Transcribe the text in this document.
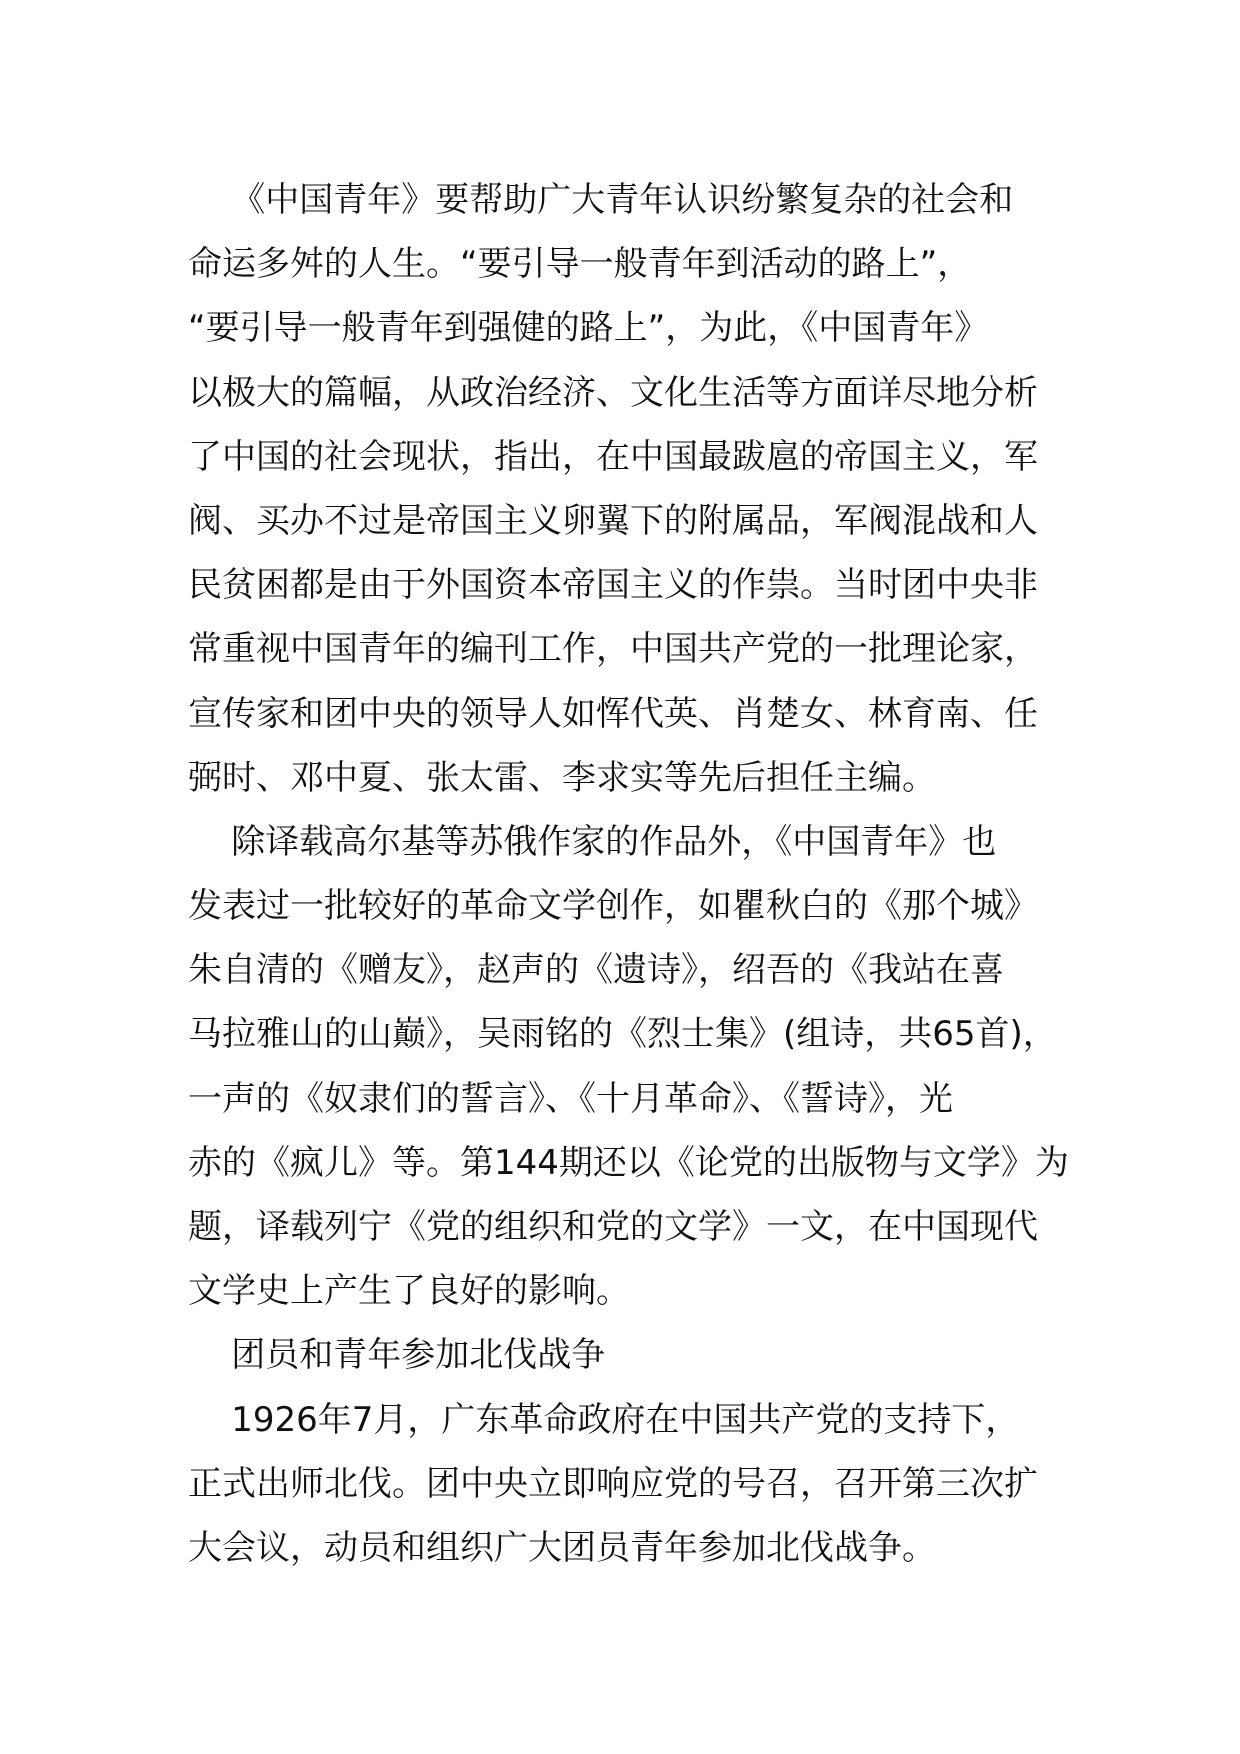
《中国青年》要帮助广大青年认识纷繁复杂的社会和
命运多舛的人生。“要引导一般青年到活动的路上”，
“要引导一般青年到强健的路上”，为此，《中国青年》
以极大的篇幅，从政治经济、文化生活等方面详尽地分析
了中国的社会现状，指出，在中国最跋扈的帝国主义，军
阀、买办不过是帝国主义卵翼下的附属品，军阀混战和人
民贫困都是由于外国资本帝国主义的作祟。当时团中央非
常重视中国青年的编刊工作，中国共产党的一批理论家，
宣传家和团中央的领导人如恽代英、肖楚女、林育南、任
弼时、邓中夏、张太雷、李求实等先后担任主编。
除译载高尔基等苏俄作家的作品外，《中国青年》也
发表过一批较好的革命文学创作，如瞿秋白的《那个城》
朱自清的《赠友》，赵声的《遗诗》，绍吾的《我站在喜
马拉雅山的山巅》，吴雨铭的《烈士集》(组诗，共65首)，
一声的《奴隶们的誓言》、《十月革命》、《誓诗》，光
赤的《疯儿》等。第144期还以《论党的出版物与文学》为
题，译载列宁《党的组织和党的文学》一文，在中国现代
文学史上产生了良好的影响。
团员和青年参加北伐战争
1926年7月，广东革命政府在中国共产党的支持下，
正式出师北伐。团中央立即响应党的号召，召开第三次扩
大会议，动员和组织广大团员青年参加北伐战争。
